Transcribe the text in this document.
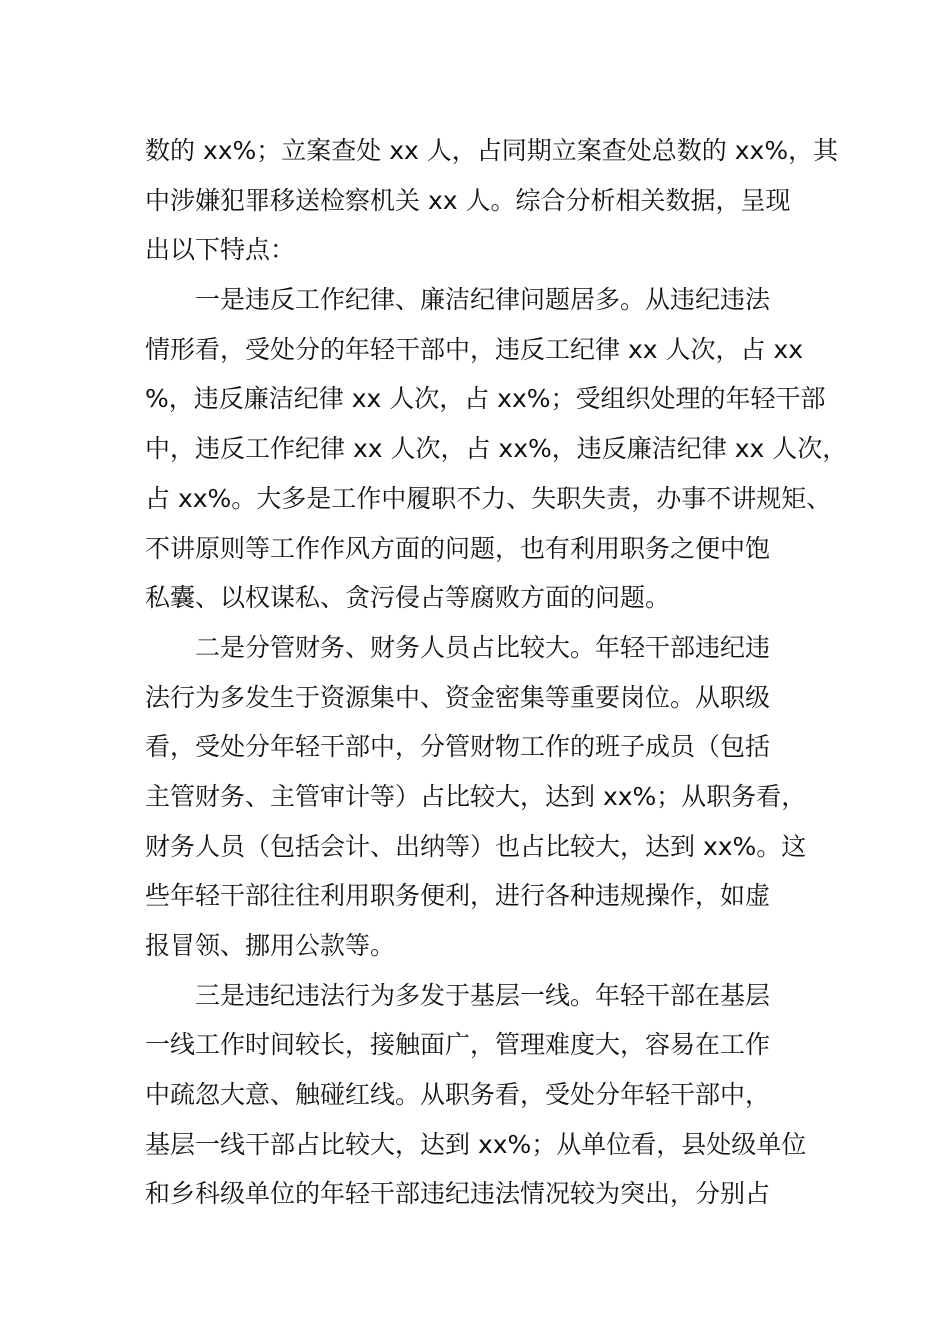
数的 xx%；立案查处 xx 人，占同期立案查处总数的 xx%，其
中涉嫌犯罪移送检察机关 xx 人。综合分析相关数据，呈现
出以下特点：
　　一是违反工作纪律、廉洁纪律问题居多。从违纪违法
情形看，受处分的年轻干部中，违反工纪律 xx 人次，占 xx
%，违反廉洁纪律 xx 人次，占 xx%；受组织处理的年轻干部
中，违反工作纪律 xx 人次，占 xx%，违反廉洁纪律 xx 人次，
占 xx%。大多是工作中履职不力、失职失责，办事不讲规矩、
不讲原则等工作作风方面的问题，也有利用职务之便中饱
私囊、以权谋私、贪污侵占等腐败方面的问题。
　　二是分管财务、财务人员占比较大。年轻干部违纪违
法行为多发生于资源集中、资金密集等重要岗位。从职级
看，受处分年轻干部中，分管财物工作的班子成员（包括
主管财务、主管审计等）占比较大，达到 xx%；从职务看，
财务人员（包括会计、出纳等）也占比较大，达到 xx%。这
些年轻干部往往利用职务便利，进行各种违规操作，如虚
报冒领、挪用公款等。
　　三是违纪违法行为多发于基层一线。年轻干部在基层
一线工作时间较长，接触面广，管理难度大，容易在工作
中疏忽大意、触碰红线。从职务看，受处分年轻干部中，
基层一线干部占比较大，达到 xx%；从单位看，县处级单位
和乡科级单位的年轻干部违纪违法情况较为突出，分别占
